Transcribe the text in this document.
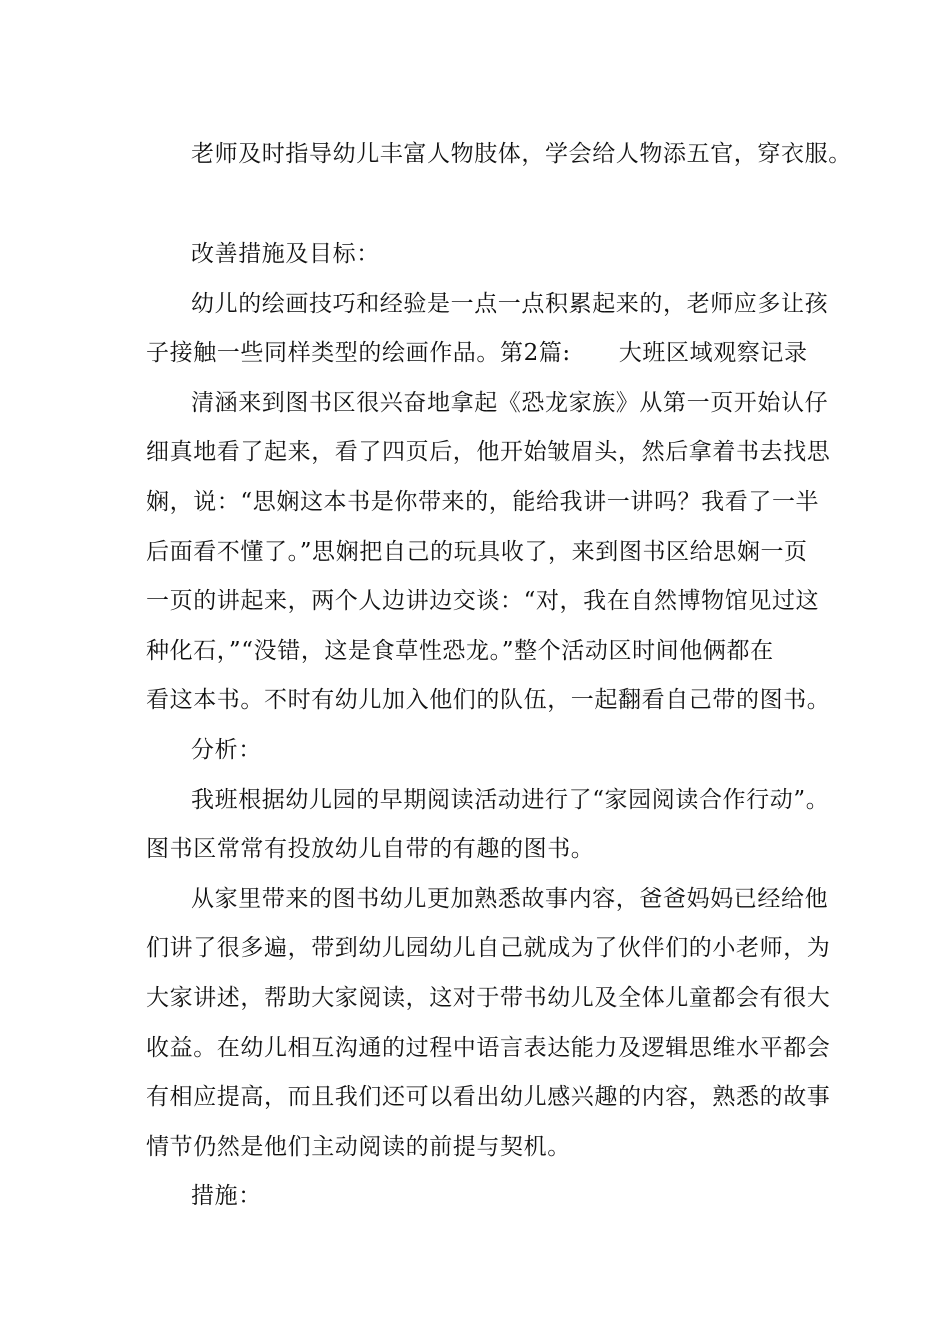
老师及时指导幼儿丰富人物肢体，学会给人物添五官，穿衣服。
改善措施及目标：
幼儿的绘画技巧和经验是一点一点积累起来的，老师应多让孩
子接触一些同样类型的绘画作品。第2篇: 大班区域观察记录
清涵来到图书区很兴奋地拿起《恐龙家族》从第一页开始认仔
细真地看了起来，看了四页后，他开始皱眉头，然后拿着书去找思
娴，说：“思娴这本书是你带来的，能给我讲一讲吗？我看了一半
后面看不懂了。”思娴把自己的玩具收了，来到图书区给思娴一页
一页的讲起来，两个人边讲边交谈：“对，我在自然博物馆见过这
种化石，”“没错，这是食草性恐龙。”整个活动区时间他俩都在
看这本书。不时有幼儿加入他们的队伍，一起翻看自己带的图书。
分析：
我班根据幼儿园的早期阅读活动进行了“家园阅读合作行动”。
图书区常常有投放幼儿自带的有趣的图书。
从家里带来的图书幼儿更加熟悉故事内容，爸爸妈妈已经给他
们讲了很多遍，带到幼儿园幼儿自己就成为了伙伴们的小老师，为
大家讲述，帮助大家阅读，这对于带书幼儿及全体儿童都会有很大
收益。在幼儿相互沟通的过程中语言表达能力及逻辑思维水平都会
有相应提高，而且我们还可以看出幼儿感兴趣的内容，熟悉的故事
情节仍然是他们主动阅读的前提与契机。
措施：
